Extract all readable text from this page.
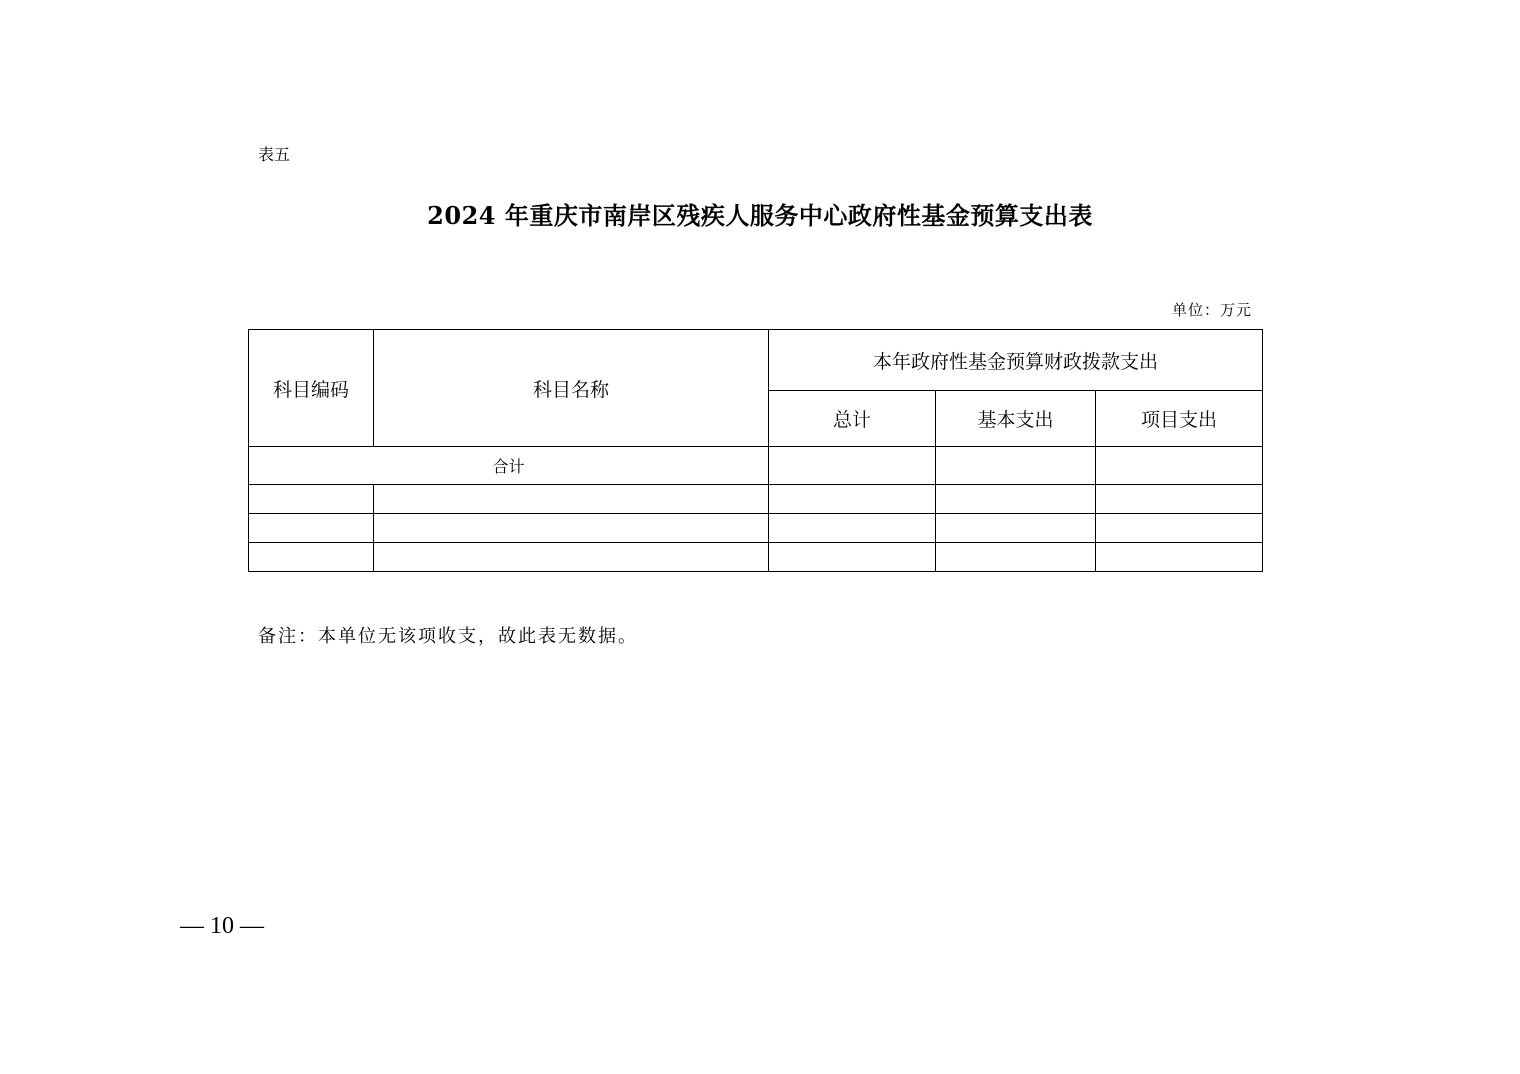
表五
2024 年重庆市南岸区残疾人服务中心政府性基金预算支出表
单位：万元
科目编码	科目名称	本年政府性基金预算财政拨款支出		
		总计	基本支出	项目支出
合计				

备注：本单位无该项收支，故此表无数据。
— 10 —
